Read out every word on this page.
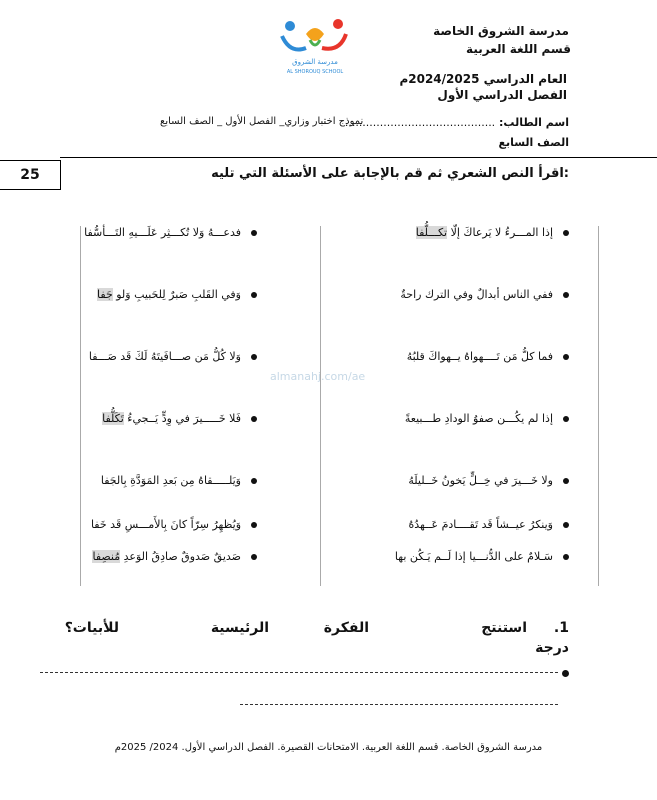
مدرسة الشروق الخاصة
قسم اللغة العربية
العام الدراسي 2024/2025م
الفصل الدراسي الأول
مدرسة الشروق
AL SHOROUQ SCHOOL
اسم الطالب: ...........................................
نموذج اختبار وزاري_ الفصل الأول _ الصف السابع
الصف السابع
25	:اقرأ النص الشعري ثم قم بالإجابة على الأسئلة التي تليه
almanahj.com/ae
إذا المـــرءُ لا يَرعاكَ إلّا تكـــلُّفا
ففي الناس أبدالٌ وفي الترك راحةٌ
فما كلُّ مَن تَــــهواهُ يــهواكَ قلبُهُ
إذا لم يكُـــن صفوُ الودادِ طـــبيعةً
ولا خَـــيرَ في خِــلٍّ يَخونُ خَــليلَهُ
وَينكرُ عيــشاً قَد تَقــــادمَ عَــهدُهُ
سَـلامٌ على الدُّنـــيا إذا لَــم يَـكُن بها
فدعـــهُ وَلا تُكـــثِر عَلَـــيهِ التَـــأسُّفا
وَفي القَلبِ صَبرٌ لِلحَبيبِ وَلو جَفا
وَلا كُلُّ مَن صـــافَيتَهُ لَكَ قَد صَـــفا
فَلا خَـــــيرَ في وِدٍّ يَــجيءُ تَكَلُّفا
وَيَلـــــقاهُ مِن بَعدِ المَوَدَّةِ بِالجَفا
وَيُظهِرُ سِرّاً كانَ بِالأَمـــسِ قَد خَفا
صَديقٌ صَدوقٌ صادِقُ الوَعدِ مُنصِفا
1.
استنتج
الفكرة
الرئيسية
للأبيات؟
درجة
مدرسة الشروق الخاصة. قسم اللغة العربية. الامتحانات القصيرة. الفصل الدراسي الأول. 2024/ 2025م
